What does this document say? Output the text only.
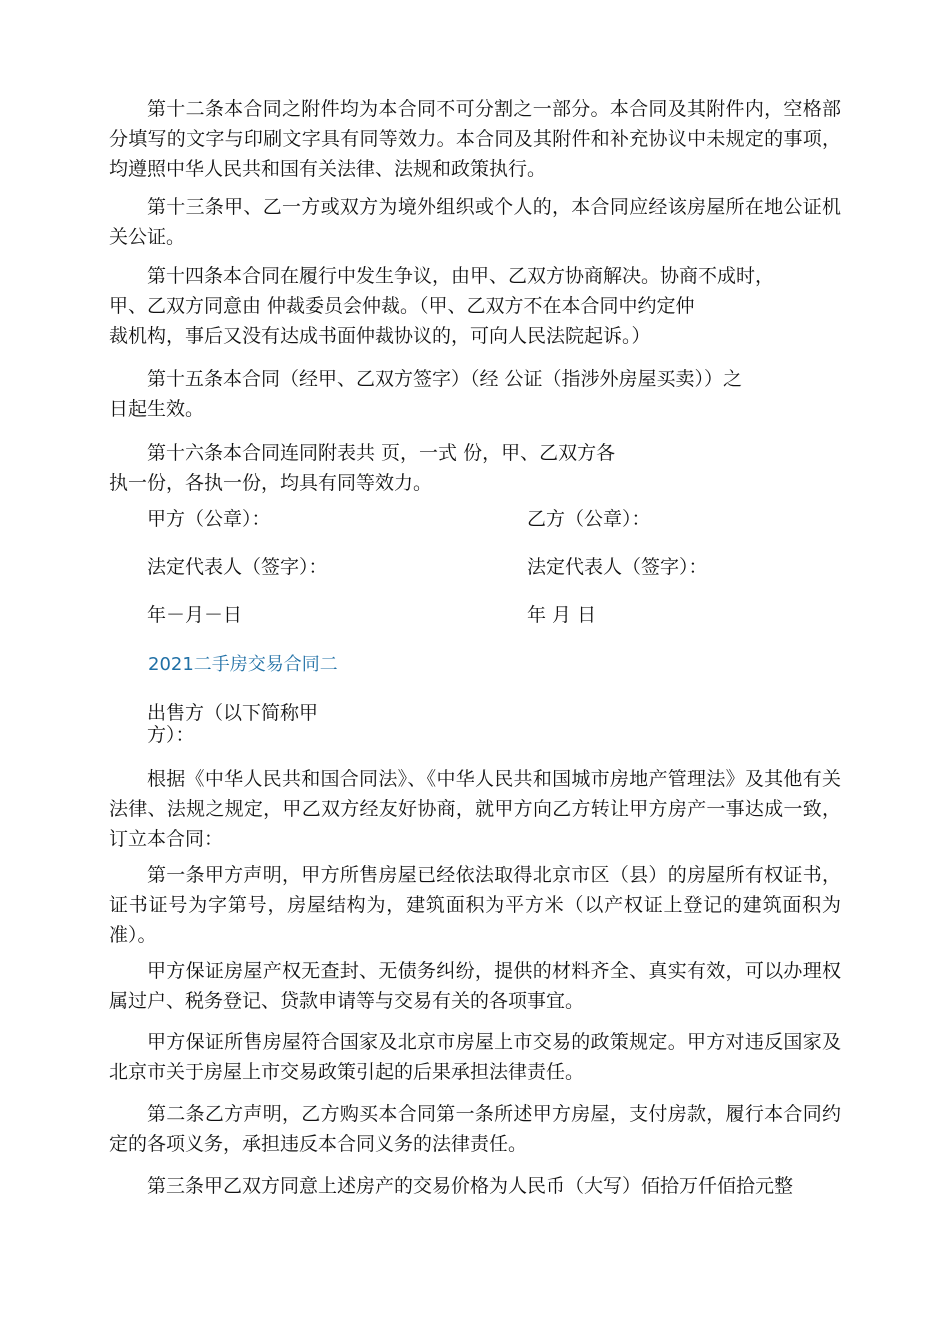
第十二条本合同之附件均为本合同不可分割之一部分。本合同及其附件内，空格部分填写的文字与印刷文字具有同等效力。本合同及其附件和补充协议中未规定的事项，均遵照中华人民共和国有关法律、法规和政策执行。

第十三条甲、乙一方或双方为境外组织或个人的，本合同应经该房屋所在地公证机关公证。

第十四条本合同在履行中发生争议，由甲、乙双方协商解决。协商不成时，

甲、乙双方同意由 仲裁委员会仲裁。（甲、乙双方不在本合同中约定仲

裁机构，事后又没有达成书面仲裁协议的，可向人民法院起诉。）

第十五条本合同（经甲、乙双方签字）（经 公证（指涉外房屋买卖））之

日起生效。

第十六条本合同连同附表共 页，一式 份，甲、乙双方各

执一份，各执一份，均具有同等效力。

甲方（公章）：	乙方（公章）：

法定代表人（签字）：	法定代表人（签字）：

年－月－日	年 月 日

2021二手房交易合同二

出售方（以下简称甲

方）：

根据《中华人民共和国合同法》、《中华人民共和国城市房地产管理法》及其他有关法律、法规之规定，甲乙双方经友好协商，就甲方向乙方转让甲方房产一事达成一致，订立本合同：

第一条甲方声明，甲方所售房屋已经依法取得北京市区（县）的房屋所有权证书，证书证号为字第号，房屋结构为，建筑面积为平方米（以产权证上登记的建筑面积为准）。

甲方保证房屋产权无查封、无债务纠纷，提供的材料齐全、真实有效，可以办理权属过户、税务登记、贷款申请等与交易有关的各项事宜。

甲方保证所售房屋符合国家及北京市房屋上市交易的政策规定。甲方对违反国家及北京市关于房屋上市交易政策引起的后果承担法律责任。

第二条乙方声明，乙方购买本合同第一条所述甲方房屋，支付房款，履行本合同约定的各项义务，承担违反本合同义务的法律责任。

第三条甲乙双方同意上述房产的交易价格为人民币（大写）佰拾万仟佰拾元整
